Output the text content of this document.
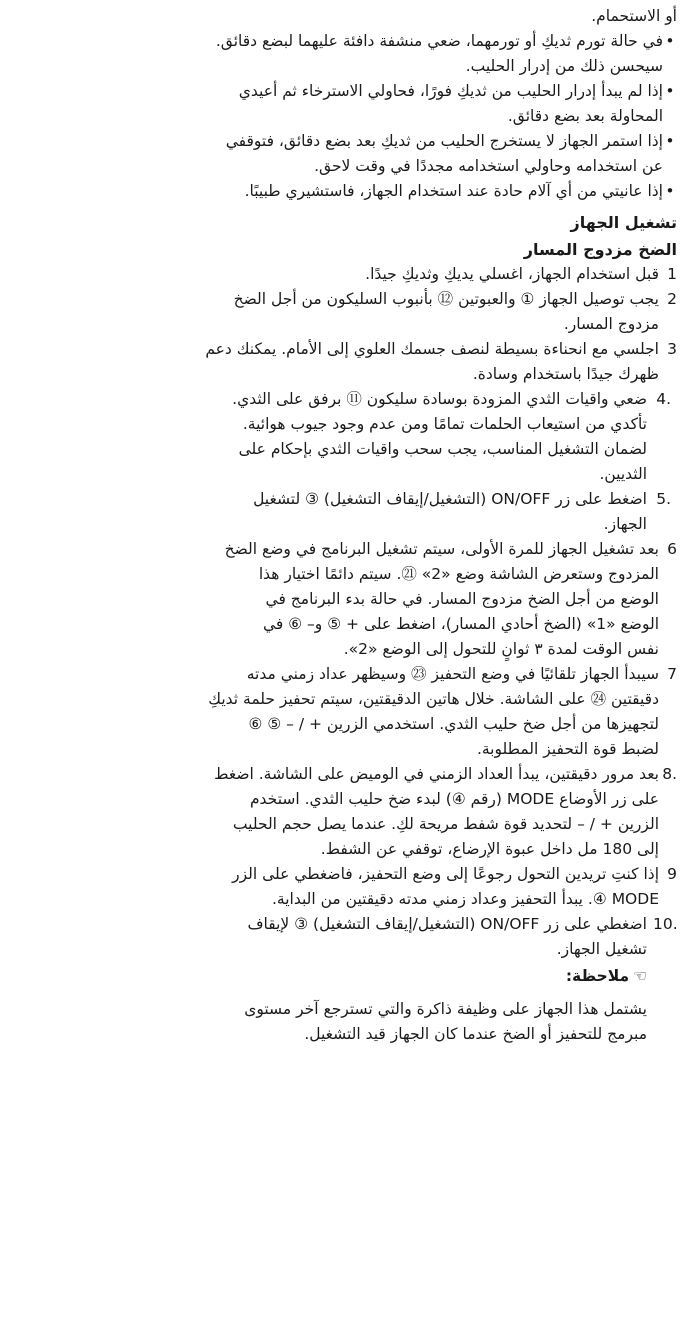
أو الاستحمام.
•في حالة تورم ثديكِ أو تورمهما، ضعي منشفة دافئة عليهما لبضع دقائق.
سيحسن ذلك من إدرار الحليب.
•إذا لم يبدأ إدرار الحليب من ثديكِ فورًا، فحاولي الاسترخاء ثم أعيدي
المحاولة بعد بضع دقائق.
•إذا استمر الجهاز لا يستخرج الحليب من ثديكِ بعد بضع دقائق، فتوقفي
عن استخدامه وحاولي استخدامه مجددًا في وقت لاحق.
•إذا عانيتي من أي آلام حادة عند استخدام الجهاز، فاستشيري طبيبًا.
تشغيل الجهاز
الضخ مزدوج المسار
1
قبل استخدام الجهاز، اغسلي يديكِ وثديكِ جيدًا.
2
يجب توصيل الجهاز ① والعبوتين ⑫ بأنبوب السليكون من أجل الضخ
مزدوج المسار.
3
اجلسي مع انحناءة بسيطة لنصف جسمك العلوي إلى الأمام. يمكنك دعم
ظهرك جيدًا باستخدام وسادة.
4.
ضعي واقيات الثدي المزودة بوسادة سليكون ⑪ برفق على الثدي.
تأكدي من استيعاب الحلمات تمامًا ومن عدم وجود جيوب هوائية.
لضمان التشغيل المناسب، يجب سحب واقيات الثدي بإحكام على
الثديين.
5.
اضغط على زر ON/OFF (التشغيل/إيقاف التشغيل) ③ لتشغيل
الجهاز.
6
بعد تشغيل الجهاز للمرة الأولى، سيتم تشغيل البرنامج في وضع الضخ
المزدوج وستعرض الشاشة وضع «2» ㉑. سيتم دائمًا اختيار هذا
الوضع من أجل الضخ مزدوج المسار. في حالة بدء البرنامج في
الوضع «1» (الضخ أحادي المسار)، اضغط على + ⑤ و– ⑥ في
نفس الوقت لمدة ٣ ثوانٍ للتحول إلى الوضع «2».
7
سيبدأ الجهاز تلقائيًا في وضع التحفيز ㉓ وسيظهر عداد زمني مدته
دقيقتين ㉔ على الشاشة. خلال هاتين الدقيقتين، سيتم تحفيز حلمة ثديكِ
لتجهيزها من أجل ضخ حليب الثدي. استخدمي الزرين + / – ⑤ ⑥
لضبط قوة التحفيز المطلوبة.
8.
بعد مرور دقيقتين، يبدأ العداد الزمني في الوميض على الشاشة. اضغط
على زر الأوضاع MODE (رقم ④) لبدء ضخ حليب الثدي. استخدم
الزرين + / – لتحديد قوة شفط مريحة لكِ. عندما يصل حجم الحليب
إلى 180 مل داخل عبوة الإرضاع، توقفي عن الشفط.
9
إذا كنتِ تريدين التحول رجوعًا إلى وضع التحفيز، فاضغطي على الزر
MODE ④. يبدأ التحفيز وعداد زمني مدته دقيقتين من البداية.
10.
اضغطي على زر ON/OFF (التشغيل/إيقاف التشغيل) ③ لإيقاف
تشغيل الجهاز.
☜ملاحظة:
يشتمل هذا الجهاز على وظيفة ذاكرة والتي تسترجع آخر مستوى
مبرمج للتحفيز أو الضخ عندما كان الجهاز قيد التشغيل.
